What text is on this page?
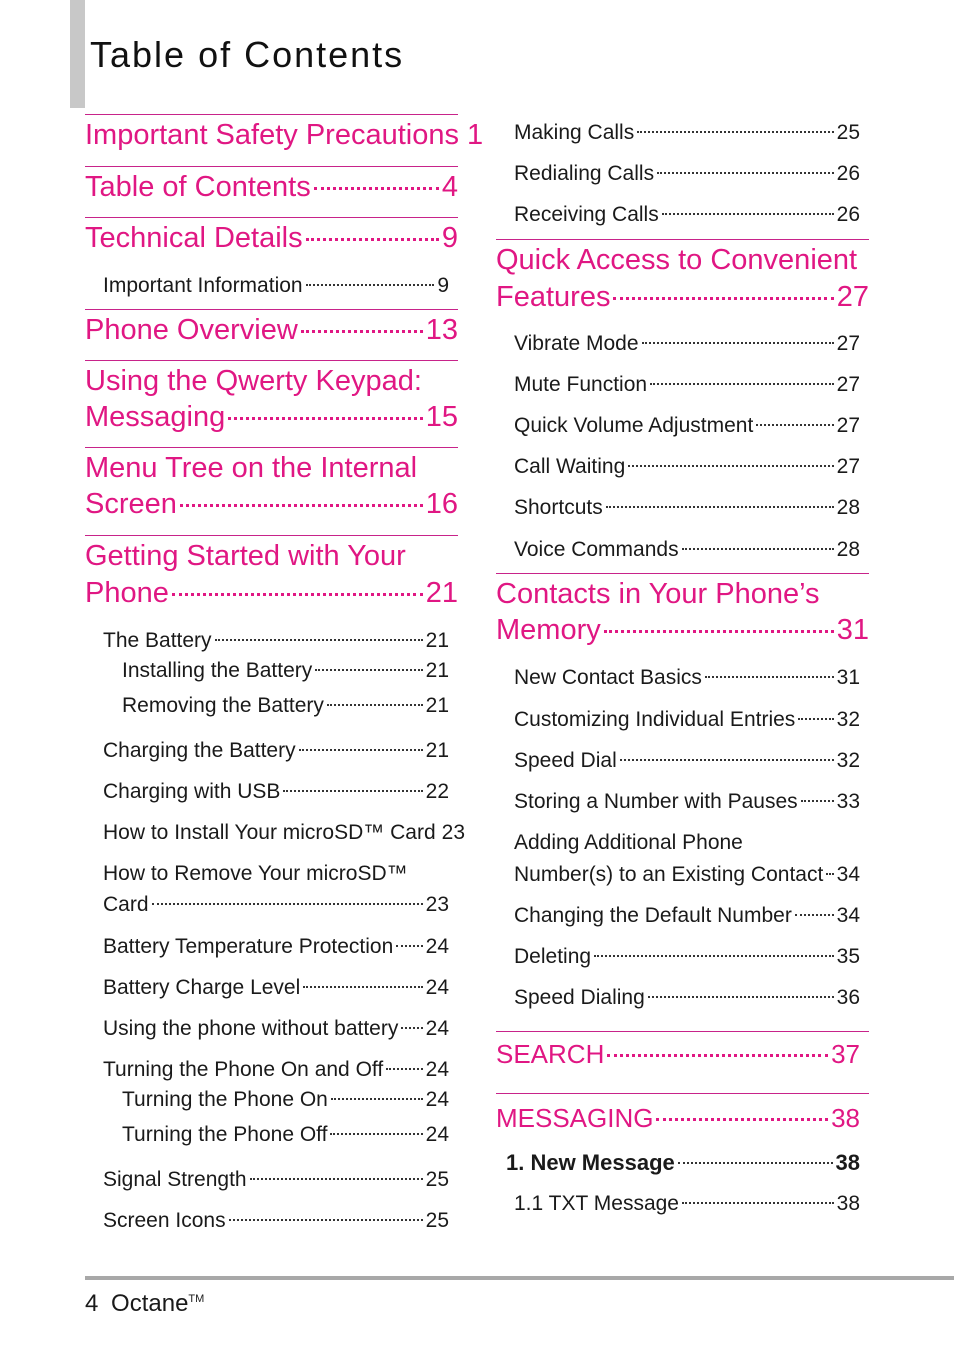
Table of Contents
Important Safety Precautions 1
Table of Contents	4
Technical Details	9
Important Information	9
Phone Overview	13
Using the Qwerty Keypad:
Messaging	15
Menu Tree on the Internal
Screen	16
Getting Started with Your
Phone	21
The Battery	21
Installing the Battery	21
Removing the Battery	21
Charging the Battery	21
Charging with USB	22
How to Install Your microSD™ Card 23
How to Remove Your microSD™
Card	23
Battery Temperature Protection 24
Battery Charge Level	24
Using the phone without battery 24
Turning the Phone On and Off 24
Turning the Phone On	24
Turning the Phone Off	24
Signal Strength	25
Screen Icons	25
Making Calls	25
Redialing Calls	26
Receiving Calls	26
Quick Access to Convenient
Features	27
Vibrate Mode	27
Mute Function	27
Quick Volume Adjustment	27
Call Waiting	27
Shortcuts	28
Voice Commands	28
Contacts in Your Phone’s
Memory	31
New Contact Basics	31
Customizing Individual Entries 32
Speed Dial	32
Storing a Number with Pauses 33
Adding Additional Phone
Number(s) to an Existing Contact 34
Changing the Default Number 34
Deleting	35
Speed Dialing	36
SEARCH	37
MESSAGING	38
1. New Message	38
1.1 TXT Message	38
4 Octane™
